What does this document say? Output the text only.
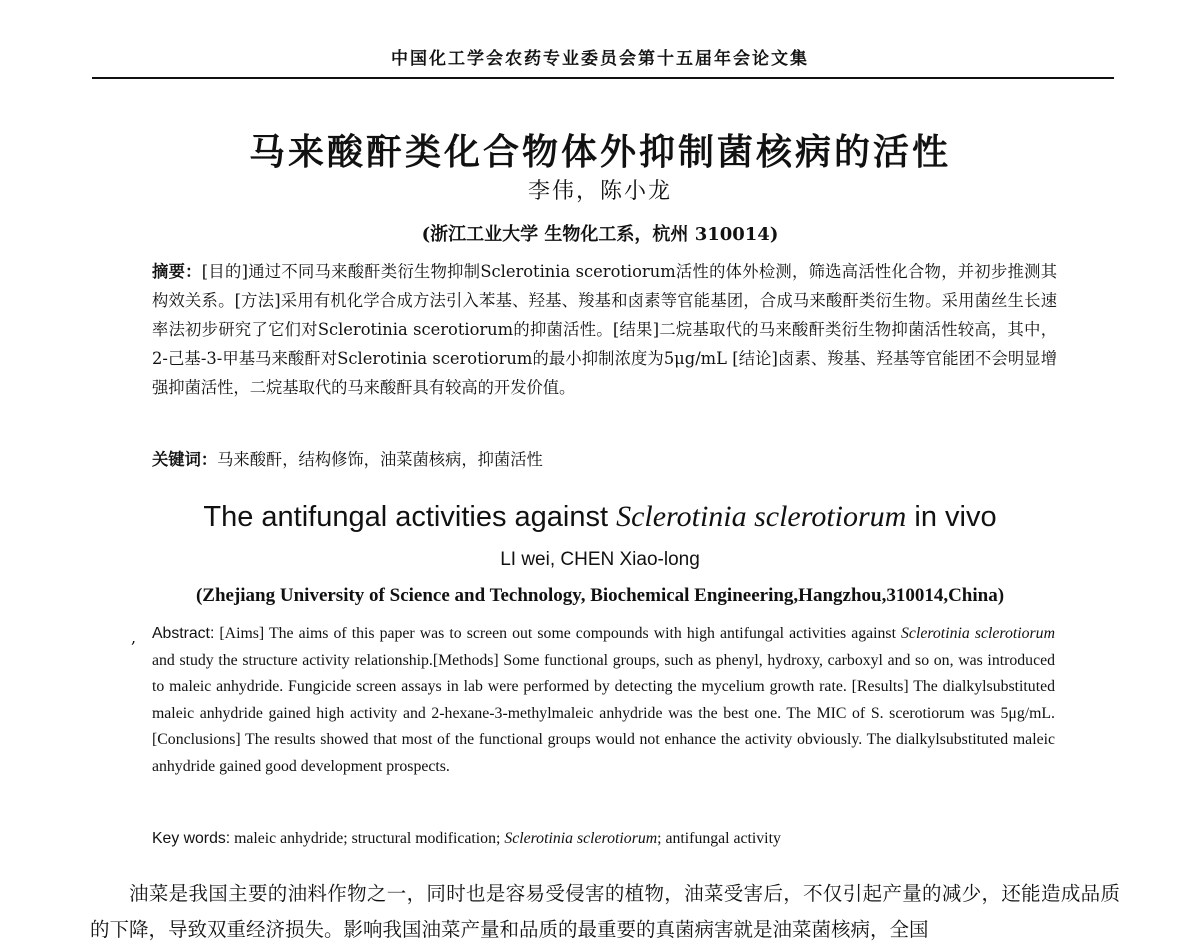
中国化工学会农药专业委员会第十五届年会论文集
马来酸酐类化合物体外抑制菌核病的活性
李伟，陈小龙
(浙江工业大学 生物化工系，杭州 310014)

摘要：[目的]通过不同马来酸酐类衍生物抑制Sclerotinia scerotiorum活性的体外检测，筛选高活性化合物，并初步推测其构效关系。[方法]采用有机化学合成方法引入苯基、羟基、羧基和卤素等官能基团，合成马来酸酐类衍生物。采用菌丝生长速率法初步研究了它们对Sclerotinia scerotiorum的抑菌活性。[结果]二烷基取代的马来酸酐类衍生物抑菌活性较高，其中，2-己基-3-甲基马来酸酐对Sclerotinia scerotiorum的最小抑制浓度为5μg/mL [结论]卤素、羧基、羟基等官能团不会明显增强抑菌活性，二烷基取代的马来酸酐具有较高的开发价值。

关键词：马来酸酐，结构修饰，油菜菌核病，抑菌活性

The antifungal activities against Sclerotinia sclerotiorum in vivo
LI wei, CHEN Xiao-long
(Zhejiang University of Science and Technology, Biochemical Engineering,Hangzhou,310014,China)
, Abstract: [Aims] The aims of this paper was to screen out some compounds with high antifungal activities against Sclerotinia sclerotiorum and study the structure activity relationship.[Methods] Some functional groups, such as phenyl, hydroxy, carboxyl and so on, was introduced to maleic anhydride. Fungicide screen assays in lab were performed by detecting the mycelium growth rate. [Results] The dialkylsubstituted maleic anhydride gained high activity and 2-hexane-3-methylmaleic anhydride was the best one. The MIC of S. scerotiorum was 5μg/mL. [Conclusions] The results showed that most of the functional groups would not enhance the activity obviously. The dialkylsubstituted maleic anhydride gained good development prospects.

Key words: maleic anhydride; structural modification; Sclerotinia sclerotiorum; antifungal activity

油菜是我国主要的油料作物之一，同时也是容易受侵害的植物，油菜受害后，不仅引起产量的减少，还能造成品质的下降，导致双重经济损失。影响我国油菜产量和品质的最重要的真菌病害就是油菜菌核病，全国
